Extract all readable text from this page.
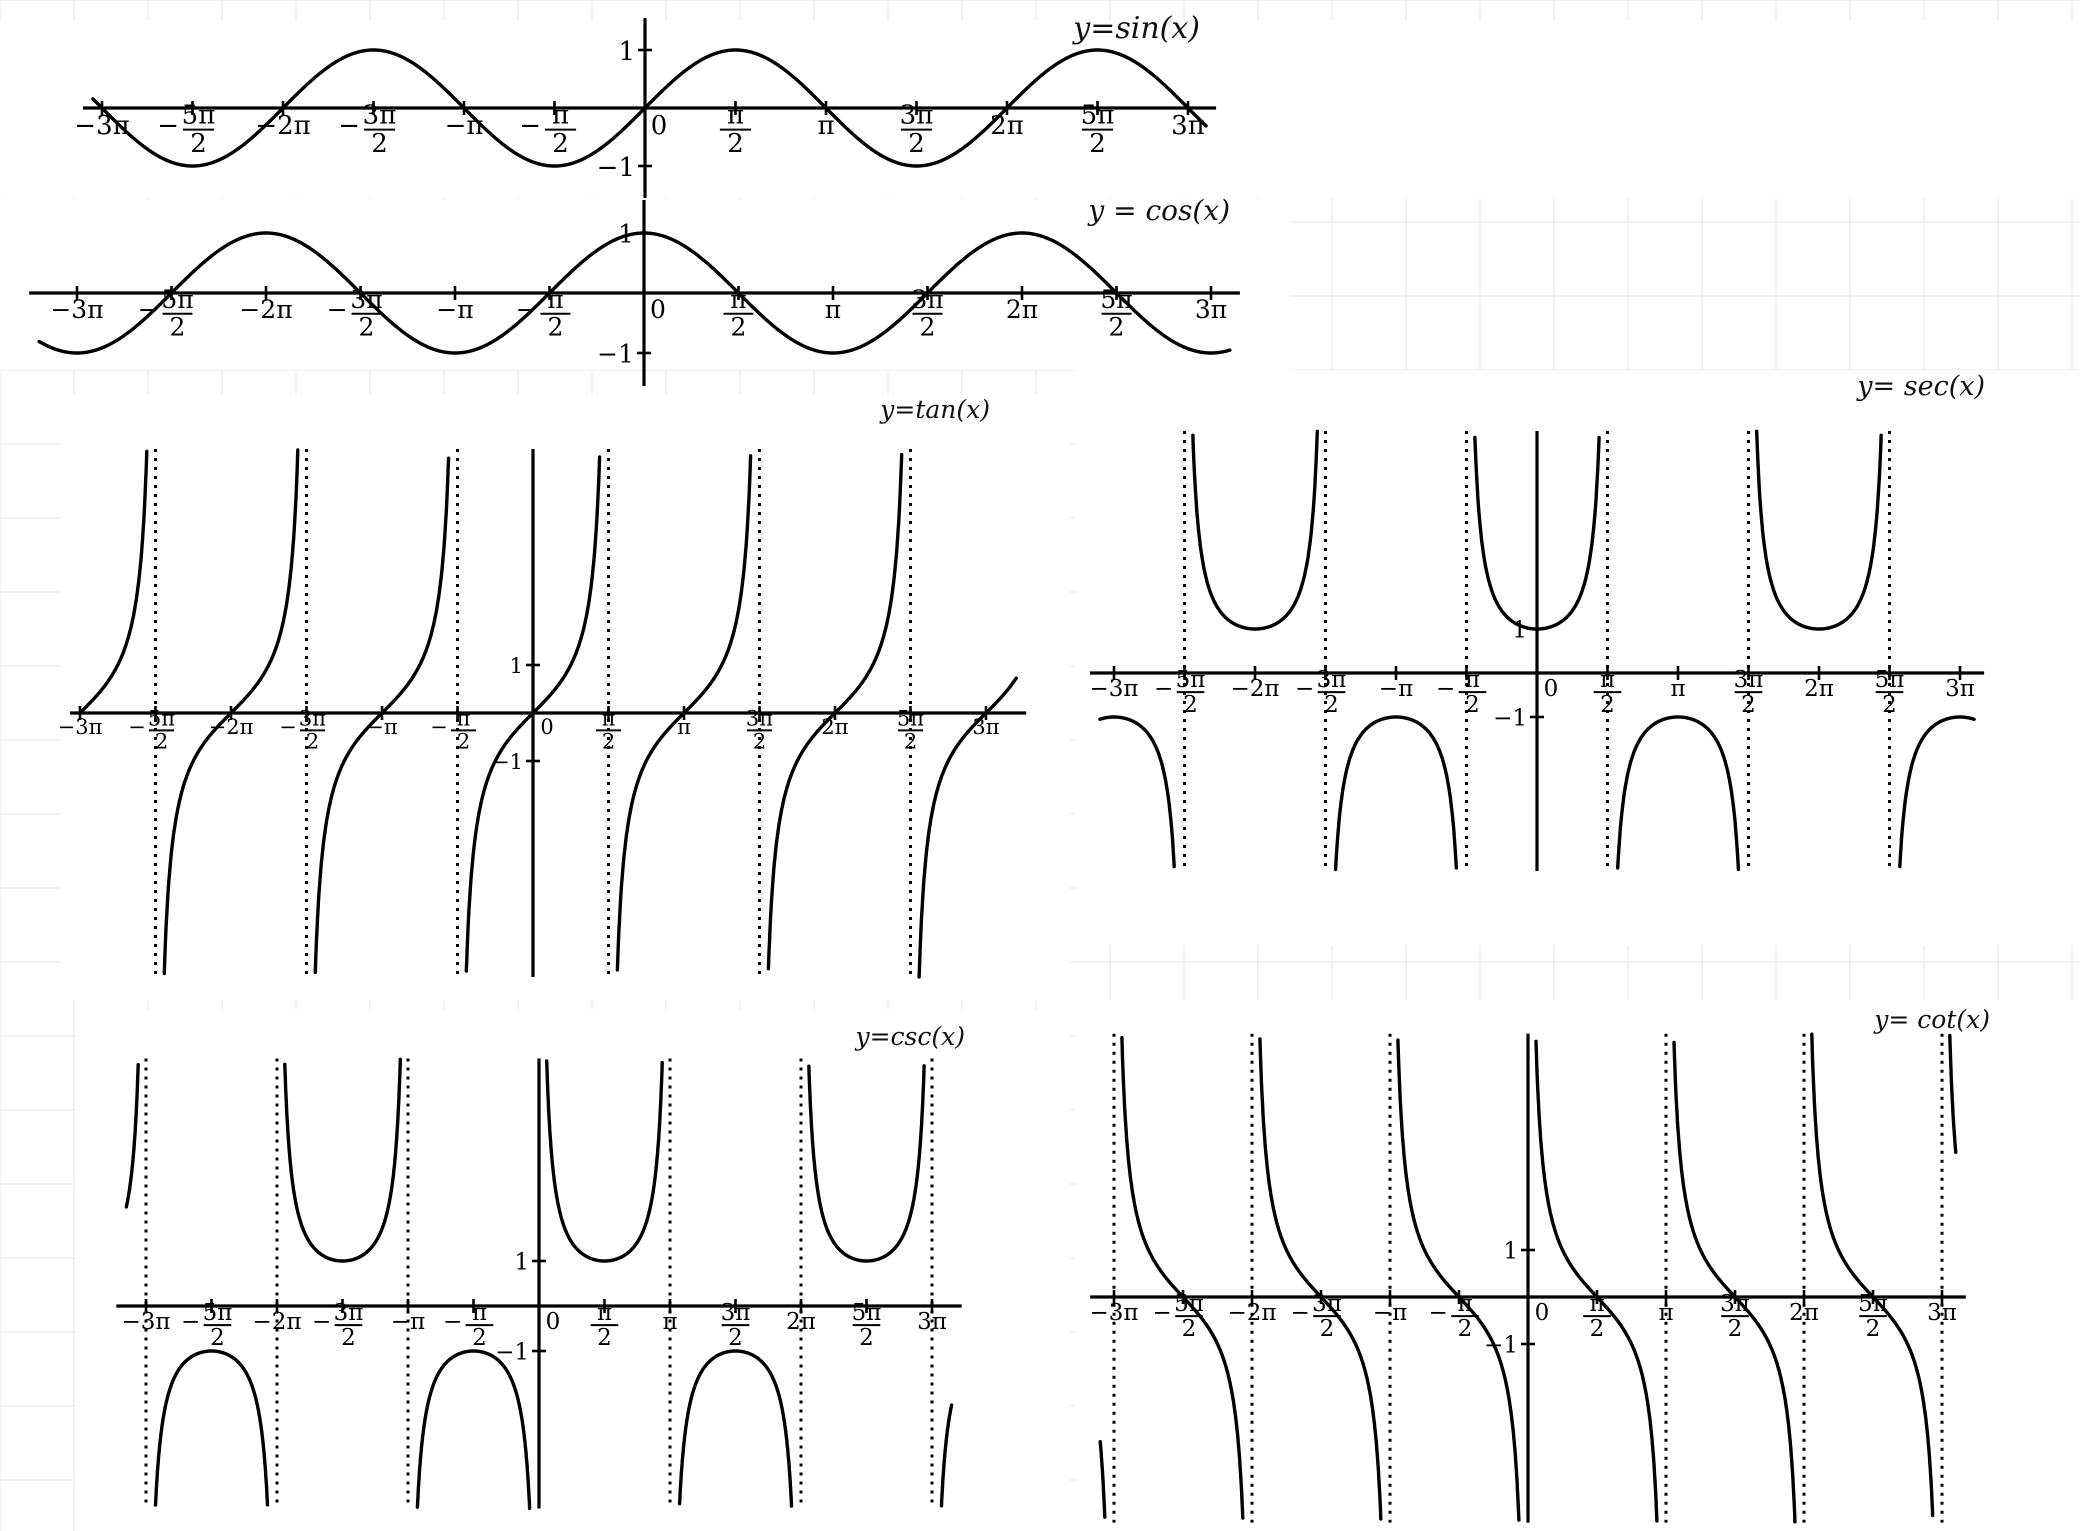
−3π 5π
2
−	−2π 3π
2
−	−π	π
2
−	0 π
2
π	3π
2
2π 5π
2
3π
1
−1
y=sin(x)
−3π 5π
2
−	−2π 3π
2
−	−π	π
2
−	0	π
2
π	3π
2
2π 5π
2
3π
1
−1
y = cos(x)
−3π 5π
2
−	−2π 3π
2
−	−π	π
2
−	0 π
2
π	3π
2
2π 5π
2
3π
1
−1
y=tan(x)
−3π 5π
2
− −2π 3π
2
−	−π π
2
−	0 π
2
π 3π
2
2π 5π
2
3π
1
−1
y= sec(x)
−3π 5π
2
− −2π 3π
2
−	−π π
2
−	0 π
2
π 3π
2
2π 5π
2
3π
1
−1
y=csc(x)
−3π 5π
2
− −2π 3π
2
−	−π π
2
−	0 π
2
π 3π
2
2π 5π
2
3π
1
−1
y= cot(x)
